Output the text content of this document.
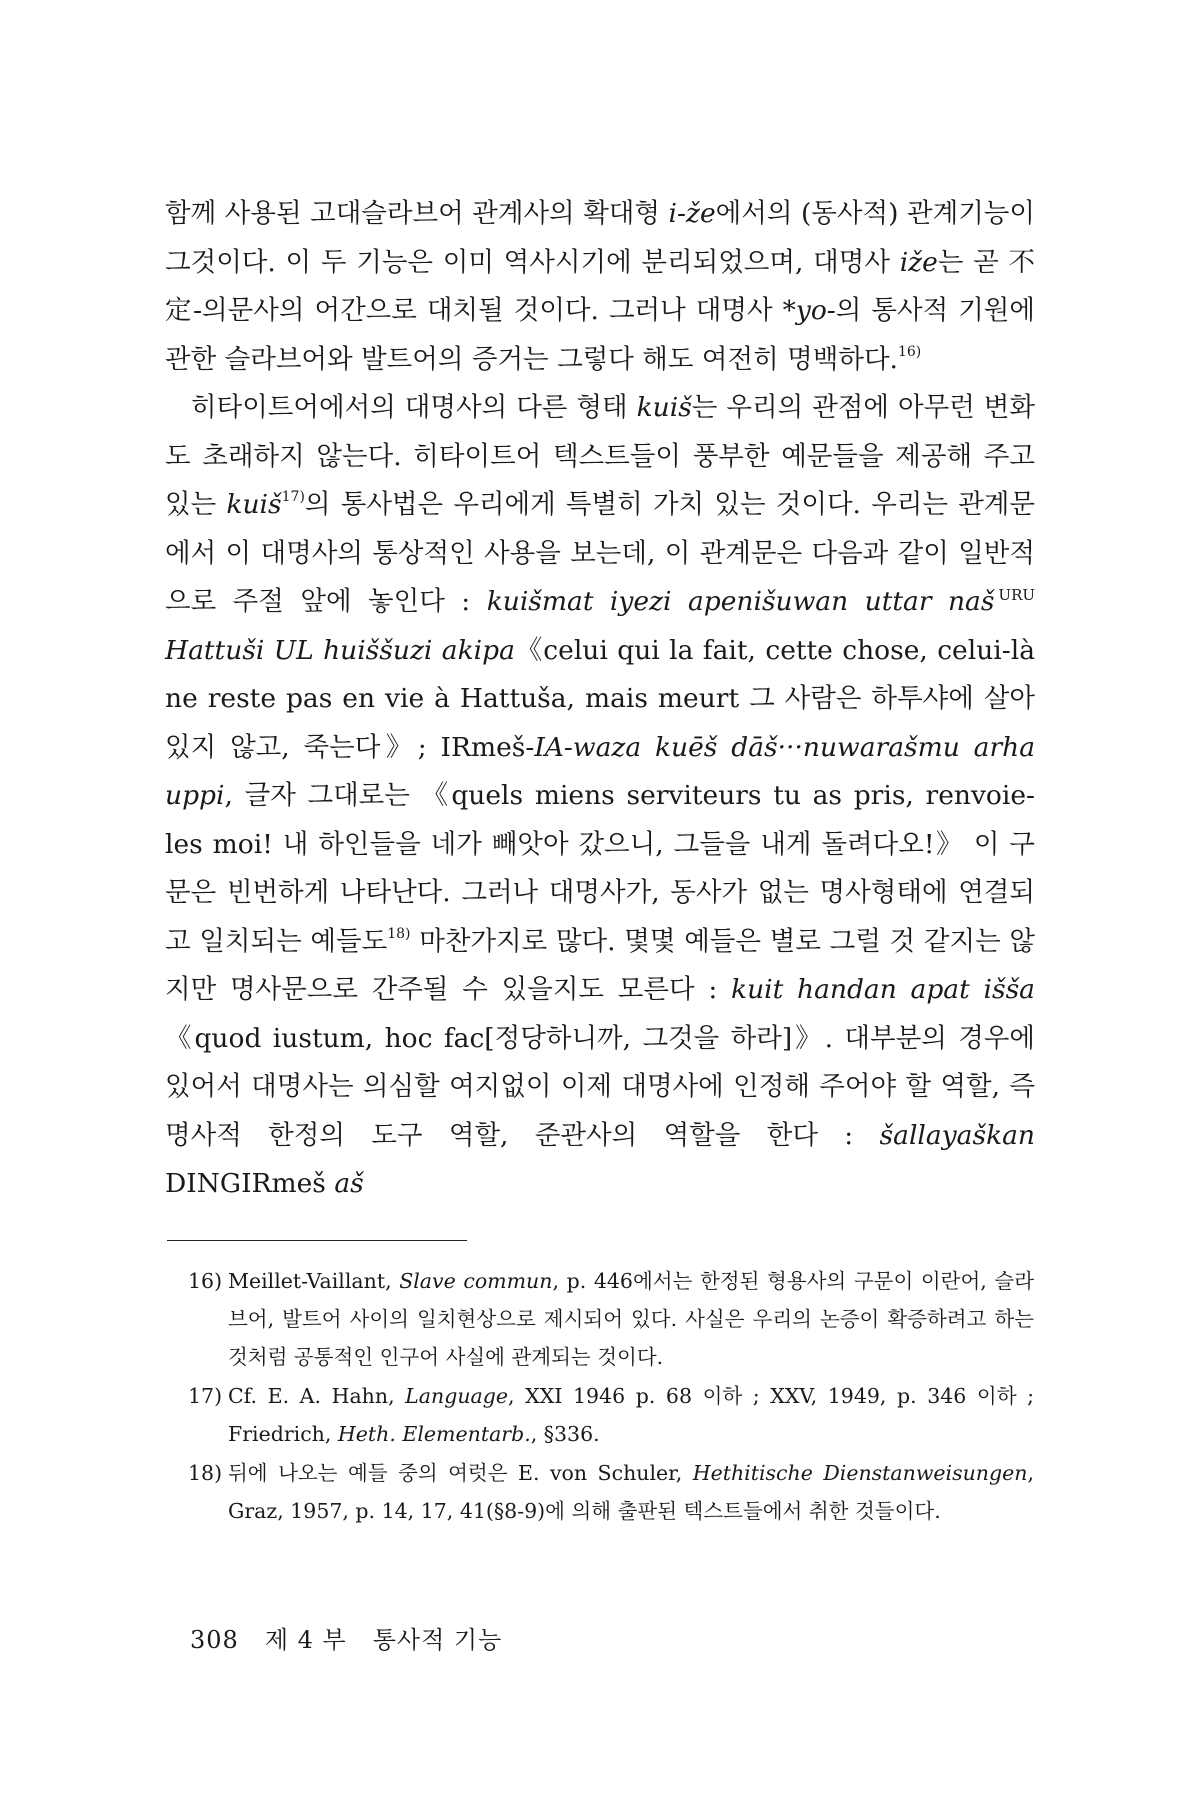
함께 사용된 고대슬라브어 관계사의 확대형 i-že에서의 (동사적) 관계기능이 그것이다. 이 두 기능은 이미 역사시기에 분리되었으며, 대명사 iže는 곧 不定-의문사의 어간으로 대치될 것이다. 그러나 대명사 *yo-의 통사적 기원에 관한 슬라브어와 발트어의 증거는 그렇다 해도 여전히 명백하다.$^{16)}$

히타이트어에서의 대명사의 다른 형태 kuiš는 우리의 관점에 아무런 변화도 초래하지 않는다. 히타이트어 텍스트들이 풍부한 예문들을 제공해 주고 있는 kuiš$^{17)}$의 통사법은 우리에게 특별히 가치 있는 것이다. 우리는 관계문에서 이 대명사의 통상적인 사용을 보는데, 이 관계문은 다음과 같이 일반적으로 주절 앞에 놓인다 : kuišmat iyezi apenišuwan uttar naš $^{URU}$ Hattuši UL huiššuzi akipa《celui qui la fait, cette chose, celui-là ne reste pas en vie à Hattuša, mais meurt 그 사람은 하투샤에 살아 있지 않고, 죽는다》; IRmeš-IA-waza kuēš dāš···nuwarašmu arha uppi, 글자 그대로는 《quels miens serviteurs tu as pris, renvoie-les moi! 내 하인들을 네가 빼앗아 갔으니, 그들을 내게 돌려다오!》 이 구문은 빈번하게 나타난다. 그러나 대명사가, 동사가 없는 명사형태에 연결되고 일치되는 예들도$^{18)}$ 마찬가지로 많다. 몇몇 예들은 별로 그럴 것 같지는 않지만 명사문으로 간주될 수 있을지도 모른다 : kuit handan apat išša 《quod iustum, hoc fac[정당하니까, 그것을 하라]》. 대부분의 경우에 있어서 대명사는 의심할 여지없이 이제 대명사에 인정해 주어야 할 역할, 즉 명사적 한정의 도구 역할, 준관사의 역할을 한다 : šallayaškan DINGIRmeš aš

16) Meillet-Vaillant, Slave commun, p. 446에서는 한정된 형용사의 구문이 이란어, 슬라브어, 발트어 사이의 일치현상으로 제시되어 있다. 사실은 우리의 논증이 확증하려고 하는 것처럼 공통적인 인구어 사실에 관계되는 것이다.
17) Cf. E. A. Hahn, Language, XXI 1946 p. 68 이하 ; XXV, 1949, p. 346 이하 ; Friedrich, Heth. Elementarb., §336.
18) 뒤에 나오는 예들 중의 여럿은 E. von Schuler, Hethitische Dienstanweisungen, Graz, 1957, p. 14, 17, 41(§8-9)에 의해 출판된 텍스트들에서 취한 것들이다.
308 제 4 부 통사적 기능
